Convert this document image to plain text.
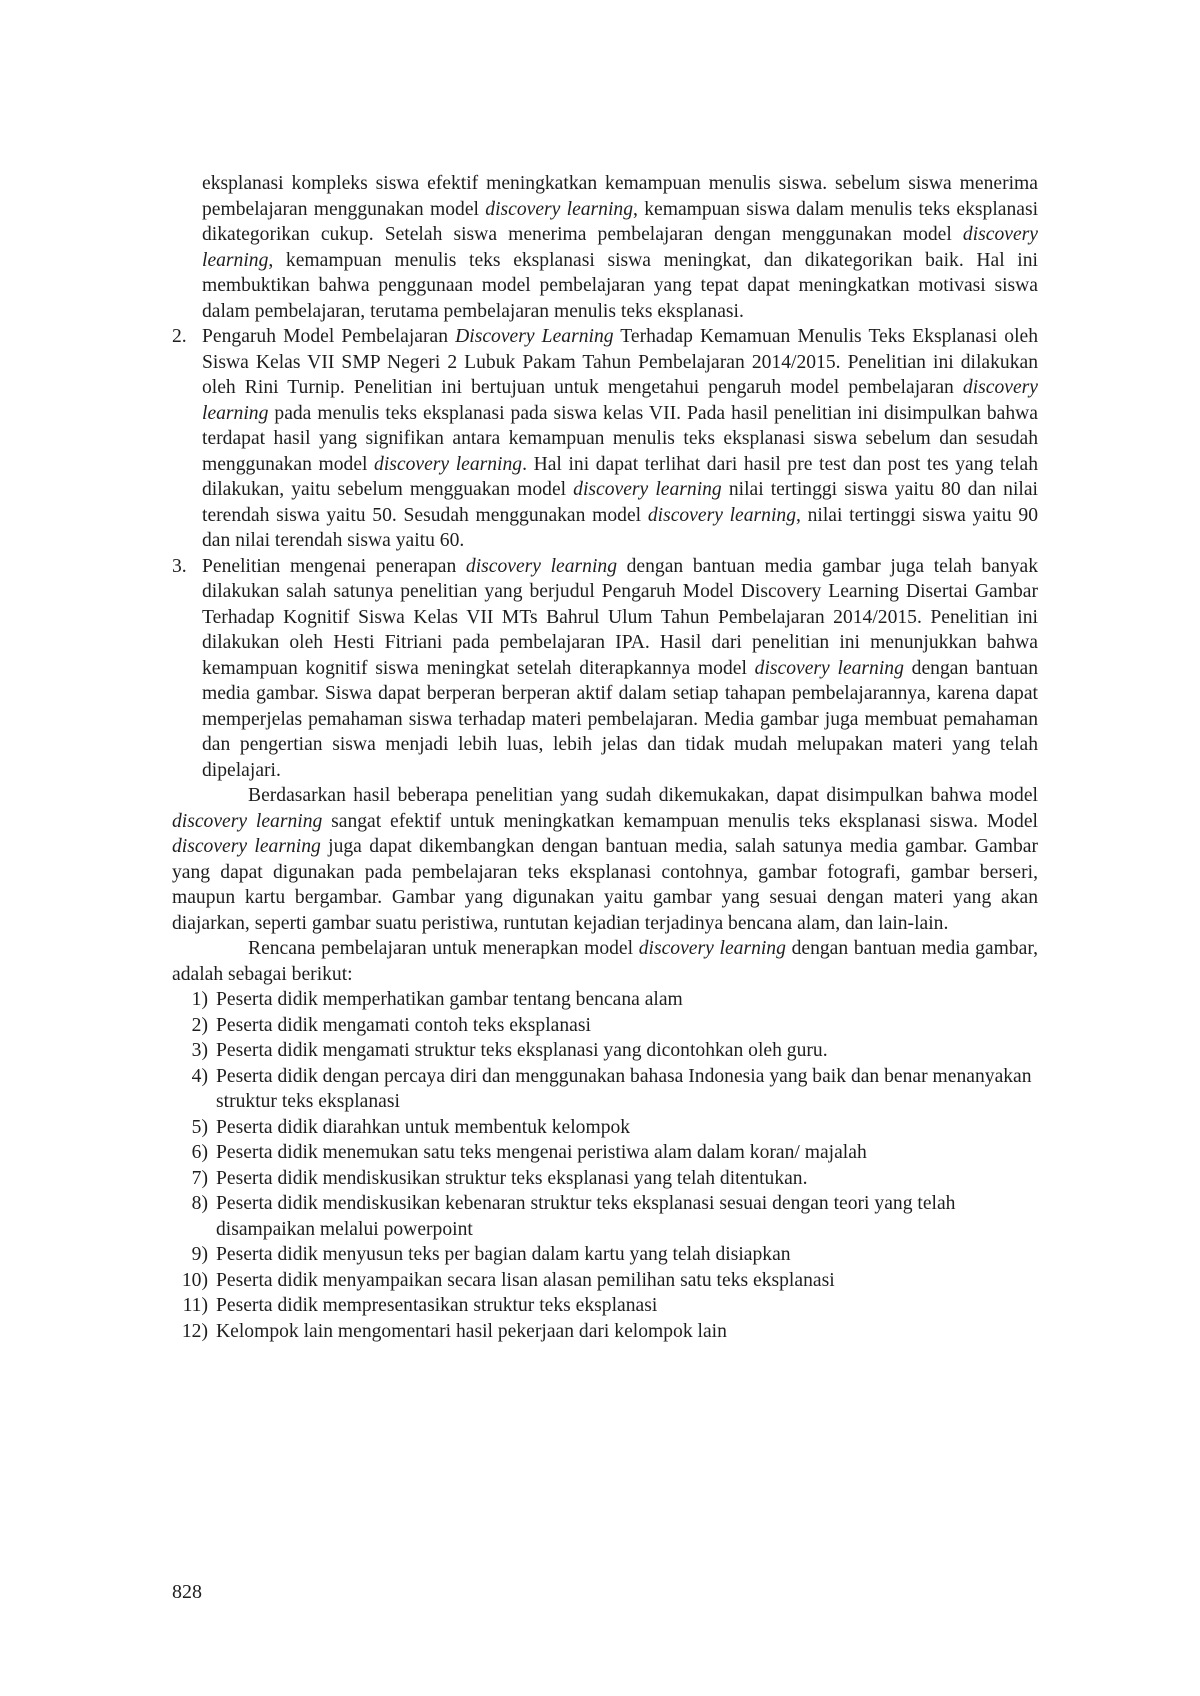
eksplanasi kompleks siswa efektif meningkatkan kemampuan menulis siswa. sebelum siswa menerima pembelajaran menggunakan model discovery learning, kemampuan siswa dalam menulis teks eksplanasi dikategorikan cukup. Setelah siswa menerima pembelajaran dengan menggunakan model discovery learning, kemampuan menulis teks eksplanasi siswa meningkat, dan dikategorikan baik. Hal ini membuktikan bahwa penggunaan model pembelajaran yang tepat dapat meningkatkan motivasi siswa dalam pembelajaran, terutama pembelajaran menulis teks eksplanasi.

2. Pengaruh Model Pembelajaran Discovery Learning Terhadap Kemamuan Menulis Teks Eksplanasi oleh Siswa Kelas VII SMP Negeri 2 Lubuk Pakam Tahun Pembelajaran 2014/2015. Penelitian ini dilakukan oleh Rini Turnip. Penelitian ini bertujuan untuk mengetahui pengaruh model pembelajaran discovery learning pada menulis teks eksplanasi pada siswa kelas VII. Pada hasil penelitian ini disimpulkan bahwa terdapat hasil yang signifikan antara kemampuan menulis teks eksplanasi siswa sebelum dan sesudah menggunakan model discovery learning. Hal ini dapat terlihat dari hasil pre test dan post tes yang telah dilakukan, yaitu sebelum mengguakan model discovery learning nilai tertinggi siswa yaitu 80 dan nilai terendah siswa yaitu 50. Sesudah menggunakan model discovery learning, nilai tertinggi siswa yaitu 90 dan nilai terendah siswa yaitu 60.
3. Penelitian mengenai penerapan discovery learning dengan bantuan media gambar juga telah banyak dilakukan salah satunya penelitian yang berjudul Pengaruh Model Discovery Learning Disertai Gambar Terhadap Kognitif Siswa Kelas VII MTs Bahrul Ulum Tahun Pembelajaran 2014/2015. Penelitian ini dilakukan oleh Hesti Fitriani pada pembelajaran IPA. Hasil dari penelitian ini menunjukkan bahwa kemampuan kognitif siswa meningkat setelah diterapkannya model discovery learning dengan bantuan media gambar. Siswa dapat berperan berperan aktif dalam setiap tahapan pembelajarannya, karena dapat memperjelas pemahaman siswa terhadap materi pembelajaran. Media gambar juga membuat pemahaman dan pengertian siswa menjadi lebih luas, lebih jelas dan tidak mudah melupakan materi yang telah dipelajari.

Berdasarkan hasil beberapa penelitian yang sudah dikemukakan, dapat disimpulkan bahwa model discovery learning sangat efektif untuk meningkatkan kemampuan menulis teks eksplanasi siswa. Model discovery learning juga dapat dikembangkan dengan bantuan media, salah satunya media gambar. Gambar yang dapat digunakan pada pembelajaran teks eksplanasi contohnya, gambar fotografi, gambar berseri, maupun kartu bergambar. Gambar yang digunakan yaitu gambar yang sesuai dengan materi yang akan diajarkan, seperti gambar suatu peristiwa, runtutan kejadian terjadinya bencana alam, dan lain-lain.

Rencana pembelajaran untuk menerapkan model discovery learning dengan bantuan media gambar, adalah sebagai berikut:

1) Peserta didik memperhatikan gambar tentang bencana alam
2) Peserta didik mengamati contoh teks eksplanasi
3) Peserta didik mengamati struktur teks eksplanasi yang dicontohkan oleh guru.
4) Peserta didik dengan percaya diri dan menggunakan bahasa Indonesia yang baik dan benar menanyakan struktur teks eksplanasi
5) Peserta didik diarahkan untuk membentuk kelompok
6) Peserta didik menemukan satu teks mengenai peristiwa alam dalam koran/ majalah
7) Peserta didik mendiskusikan struktur teks eksplanasi yang telah ditentukan.
8) Peserta didik mendiskusikan kebenaran struktur teks eksplanasi sesuai dengan teori yang telah disampaikan melalui powerpoint
9) Peserta didik menyusun teks per bagian dalam kartu yang telah disiapkan
10) Peserta didik menyampaikan secara lisan alasan pemilihan satu teks eksplanasi
11) Peserta didik mempresentasikan struktur teks eksplanasi
12) Kelompok lain mengomentari hasil pekerjaan dari kelompok lain
828
